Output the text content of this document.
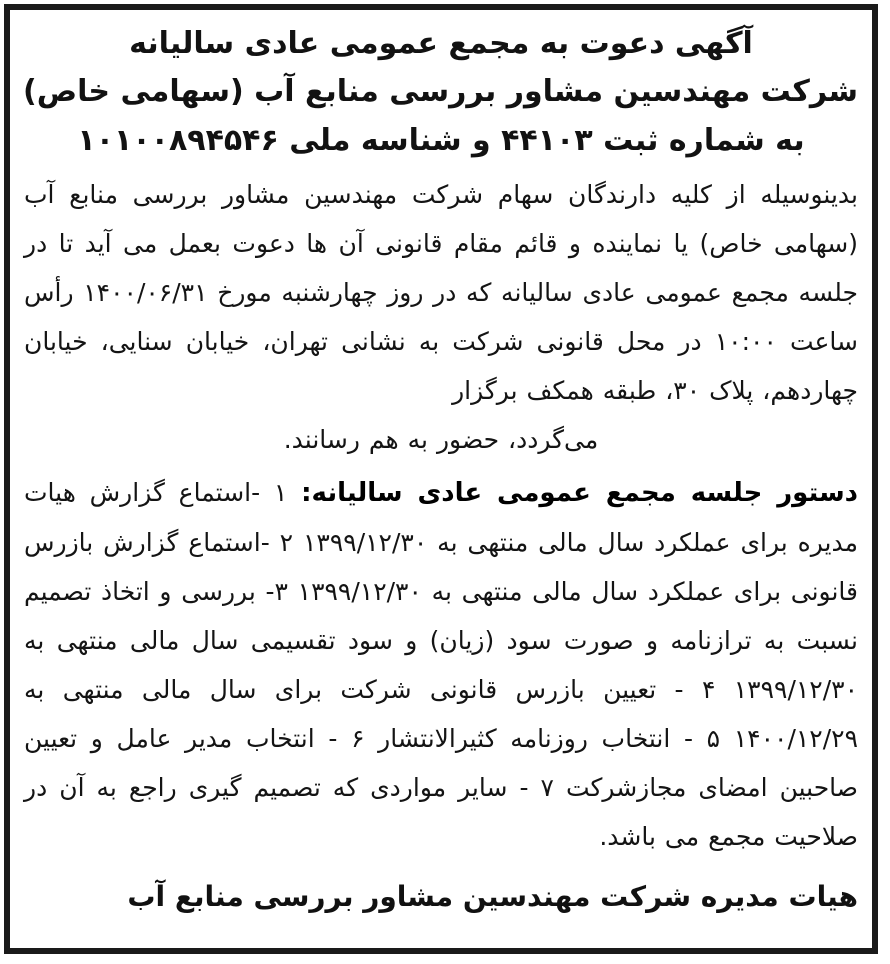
آگهی دعوت به مجمع عمومی عادی سالیانه
شرکت مهندسین مشاور بررسی منابع آب (سهامی خاص)
به شماره ثبت ۴۴۱۰۳ و شناسه ملی ۱۰۱۰۰۸۹۴۵۴۶

بدینوسیله از کلیه دارندگان سهام شرکت مهندسین مشاور بررسی منابع آب (سهامی خاص) یا نماینده و قائم مقام قانونی آن ها دعوت بعمل می آید تا در جلسه مجمع عمومی عادی سالیانه که در روز چهارشنبه مورخ ۱۴۰۰/۰۶/۳۱ رأس ساعت ۱۰:۰۰ در محل قانونی شرکت به نشانی تهران، خیابان سنایی، خیابان چهاردهم، پلاک ۳۰، طبقه همکف برگزار
می‌گردد، حضور به هم رسانند.

دستور جلسه مجمع عمومی عادی سالیانه: ۱ -استماع گزارش هیات مدیره برای عملکرد سال مالی منتهی به ۱۳۹۹/۱۲/۳۰ ۲ -استماع گزارش بازرس قانونی برای عملکرد سال مالی منتهی به ۱۳۹۹/۱۲/۳۰ ۳- بررسی و اتخاذ تصمیم نسبت به ترازنامه و صورت سود (زیان) و سود تقسیمی سال مالی منتهی به ۱۳۹۹/۱۲/۳۰ ۴ - تعیین بازرس قانونی شرکت برای سال مالی منتهی به ۱۴۰۰/۱۲/۲۹ ۵ - انتخاب روزنامه کثیرالانتشار ۶ - انتخاب مدیر عامل و تعیین صاحبین امضای مجازشرکت ۷ - سایر مواردی که تصمیم گیری راجع به آن در صلاحیت مجمع می باشد.

هیات مدیره شرکت مهندسین مشاور بررسی منابع آب
